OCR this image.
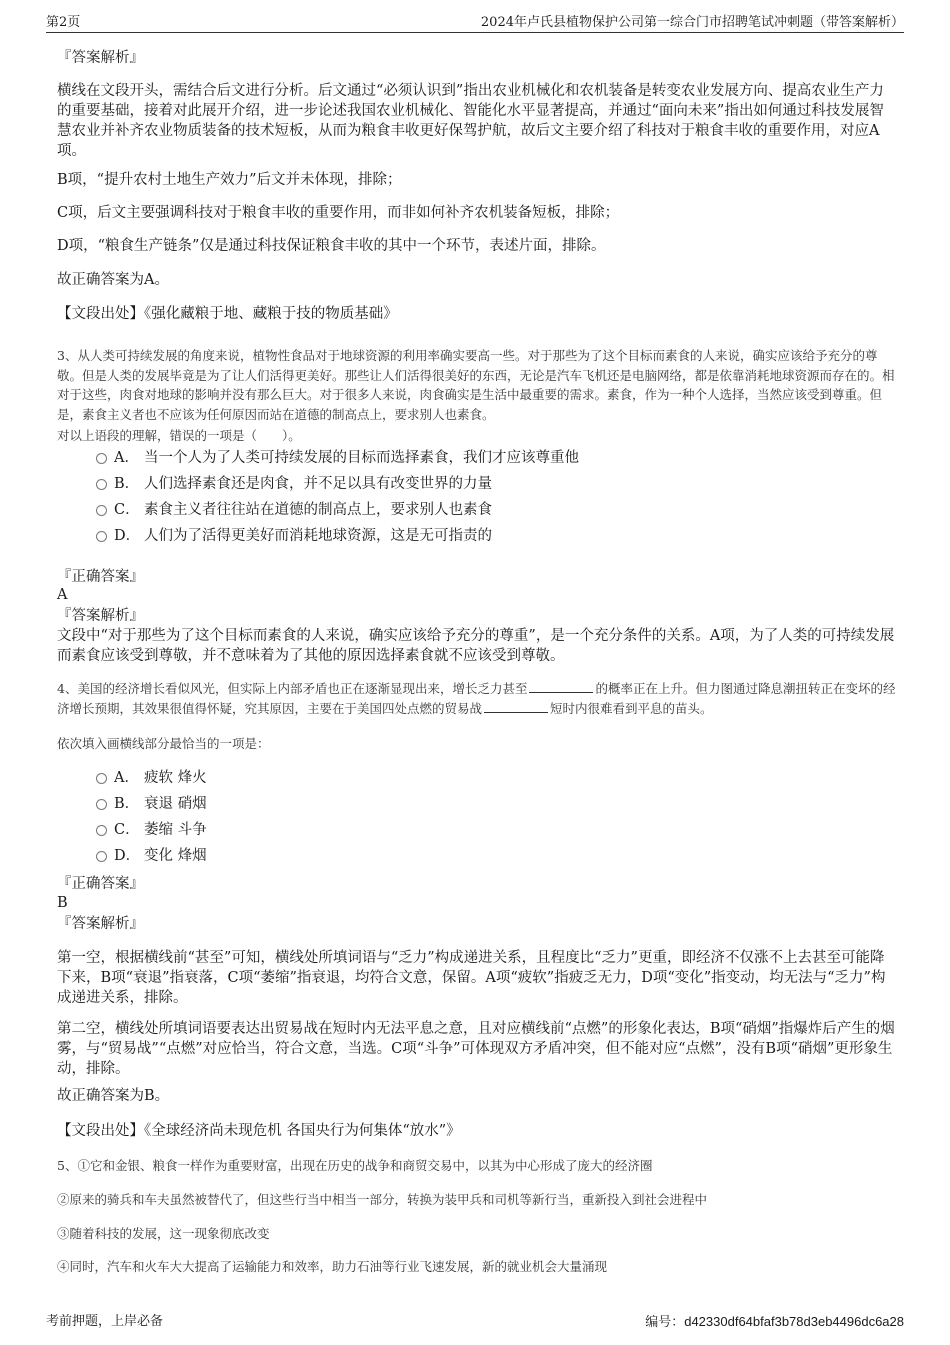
第2页	2024年卢氏县植物保护公司第一综合门市招聘笔试冲刺题（带答案解析）
『答案解析』
横线在文段开头，需结合后文进行分析。后文通过“必须认识到”指出农业机械化和农机装备是转变农业发展方向、提高农业生产力的重要基础，接着对此展开介绍，进一步论述我国农业机械化、智能化水平显著提高，并通过“面向未来”指出如何通过科技发展智慧农业并补齐农业物质装备的技术短板，从而为粮食丰收更好保驾护航，故后文主要介绍了科技对于粮食丰收的重要作用，对应A项。
B项，“提升农村土地生产效力”后文并未体现，排除；
C项，后文主要强调科技对于粮食丰收的重要作用，而非如何补齐农机装备短板，排除；
D项，“粮食生产链条”仅是通过科技保证粮食丰收的其中一个环节，表述片面，排除。
故正确答案为A。
【文段出处】《强化藏粮于地、藏粮于技的物质基础》
3、从人类可持续发展的角度来说，植物性食品对于地球资源的利用率确实要高一些。对于那些为了这个目标而素食的人来说，确实应该给予充分的尊敬。但是人类的发展毕竟是为了让人们活得更美好。那些让人们活得很美好的东西，无论是汽车飞机还是电脑网络，都是依靠消耗地球资源而存在的。相对于这些，肉食对地球的影响并没有那么巨大。对于很多人来说，肉食确实是生活中最重要的需求。素食，作为一种个人选择，当然应该受到尊重。但是，素食主义者也不应该为任何原因而站在道德的制高点上，要求别人也素食。
对以上语段的理解，错误的一项是（　　）。
A． 当一个人为了人类可持续发展的目标而选择素食，我们才应该尊重他
B． 人们选择素食还是肉食，并不足以具有改变世界的力量
C． 素食主义者往往站在道德的制高点上，要求别人也素食
D． 人们为了活得更美好而消耗地球资源，这是无可指责的
『正确答案』
A
『答案解析』
文段中“对于那些为了这个目标而素食的人来说，确实应该给予充分的尊重”，是一个充分条件的关系。A项，为了人类的可持续发展而素食应该受到尊敬，并不意味着为了其他的原因选择素食就不应该受到尊敬。
4、美国的经济增长看似风光，但实际上内部矛盾也正在逐渐显现出来，增长乏力甚至	的概率正在上升。但力图通过降息潮扭转正在变坏的经济增长预期，其效果很值得怀疑，究其原因，主要在于美国四处点燃的贸易战	短时内很难看到平息的苗头。
依次填入画横线部分最恰当的一项是：
A． 疲软 烽火
B． 衰退 硝烟
C． 萎缩 斗争
D． 变化 烽烟
『正确答案』
B
『答案解析』
第一空，根据横线前“甚至”可知，横线处所填词语与“乏力”构成递进关系，且程度比“乏力”更重，即经济不仅涨不上去甚至可能降下来，B项“衰退”指衰落，C项“萎缩”指衰退，均符合文意，保留。A项“疲软”指疲乏无力，D项“变化”指变动，均无法与“乏力”构成递进关系，排除。
第二空，横线处所填词语要表达出贸易战在短时内无法平息之意，且对应横线前“点燃”的形象化表达，B项“硝烟”指爆炸后产生的烟雾，与“贸易战”“点燃”对应恰当，符合文意，当选。C项“斗争”可体现双方矛盾冲突，但不能对应“点燃”，没有B项“硝烟”更形象生动，排除。
故正确答案为B。
【文段出处】《全球经济尚未现危机 各国央行为何集体“放水”》
5、①它和金银、粮食一样作为重要财富，出现在历史的战争和商贸交易中，以其为中心形成了庞大的经济圈
②原来的骑兵和车夫虽然被替代了，但这些行当中相当一部分，转换为装甲兵和司机等新行当，重新投入到社会进程中
③随着科技的发展，这一现象彻底改变
④同时，汽车和火车大大提高了运输能力和效率，助力石油等行业飞速发展，新的就业机会大量涌现
考前押题，上岸必备	编号：d42330df64bfaf3b78d3eb4496dc6a28
